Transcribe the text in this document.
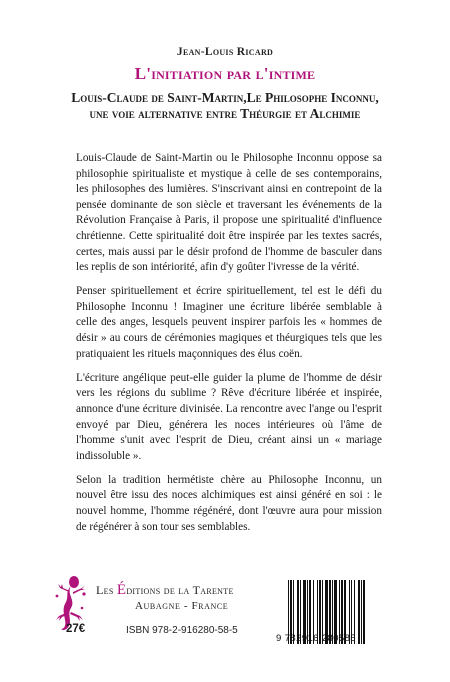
Jean-Louis Ricard
L'initiation par l'intime
Louis-Claude de Saint-Martin,Le Philosophe Inconnu,
une voie alternative entre Théurgie et Alchimie

Louis-Claude de Saint-Martin ou le Philosophe Inconnu oppose sa philosophie spiritualiste et mystique à celle de ses contemporains, les philosophes des lumières. S'inscrivant ainsi en contrepoint de la pensée dominante de son siècle et traversant les événements de la Révolution Française à Paris, il propose une spiritualité d'influence chrétienne. Cette spiritualité doit être inspirée par les textes sacrés, certes, mais aussi par le désir profond de l'homme de basculer dans les replis de son intériorité, afin d'y goûter l'ivresse de la vérité.

Penser spirituellement et écrire spirituellement, tel est le défi du Philosophe Inconnu ! Imaginer une écriture libérée semblable à celle des anges, lesquels peuvent inspirer parfois les « hommes de désir » au cours de cérémonies magiques et théurgiques tels que les pratiquaient les rituels maçonniques des élus coën.

L'écriture angélique peut-elle guider la plume de l'homme de désir vers les régions du sublime ? Rêve d'écriture libérée et inspirée, annonce d'une écriture divinisée. La rencontre avec l'ange ou l'esprit envoyé par Dieu, générera les noces intérieures où l'âme de l'homme s'unit avec l'esprit de Dieu, créant ainsi un « mariage indissoluble ».

Selon la tradition hermétiste chère au Philosophe Inconnu, un nouvel être issu des noces alchimiques est ainsi généré en soi : le nouvel homme, l'homme régénéré, dont l'œuvre aura pour mission de régénérer à son tour ses semblables.

Les Éditions de la Tarente
Aubagne - France
27€	ISBN 978-2-916280-58-5
9 782916 280585
